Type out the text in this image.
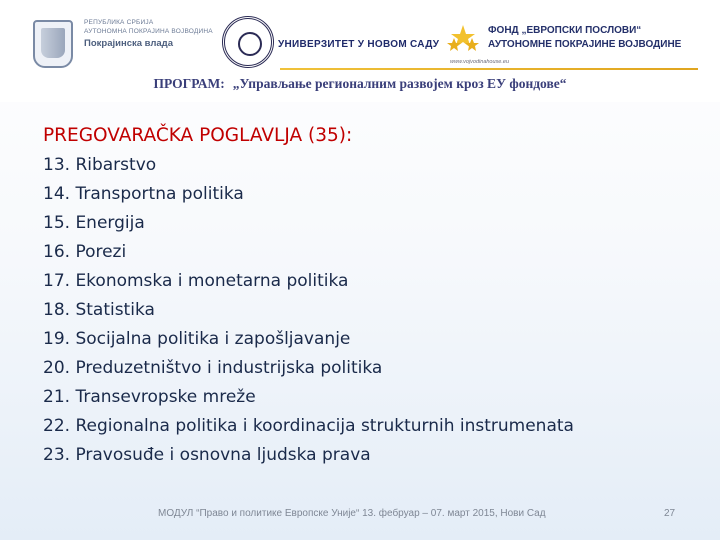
РЕПУБЛИКА СРБИЈА
АУТОНОМНА ПОКРАЈИНА ВОЈВОДИНА
Покрајинска влада	УНИВЕРЗИТЕТ У НОВОМ САДУ
ФОНД „ЕВРОПСКИ ПОСЛОВИ“
АУТОНОМНЕ ПОКРАЈИНЕ ВОЈВОДИНЕ
www.vojvodinahouse.eu
ПРОГРАМ: „Управљање регионалним развојем кроз ЕУ фондове“
PREGOVARAČKA POGLAVLJA (35):
13. Ribarstvo
14. Transportna politika
15. Energija
16. Porezi
17. Ekonomska i monetarna politika
18. Statistika
19. Socijalna politika i zapošljavanje
20. Preduzetništvo i industrijska politika
21. Transevropske mreže
22. Regionalna politika i koordinacija strukturnih instrumenata
23. Pravosuđe i osnovna ljudska prava
МОДУЛ “Право и политике Европске Уније“ 13. фебруар – 07. март 2015, Нови Сад	27
